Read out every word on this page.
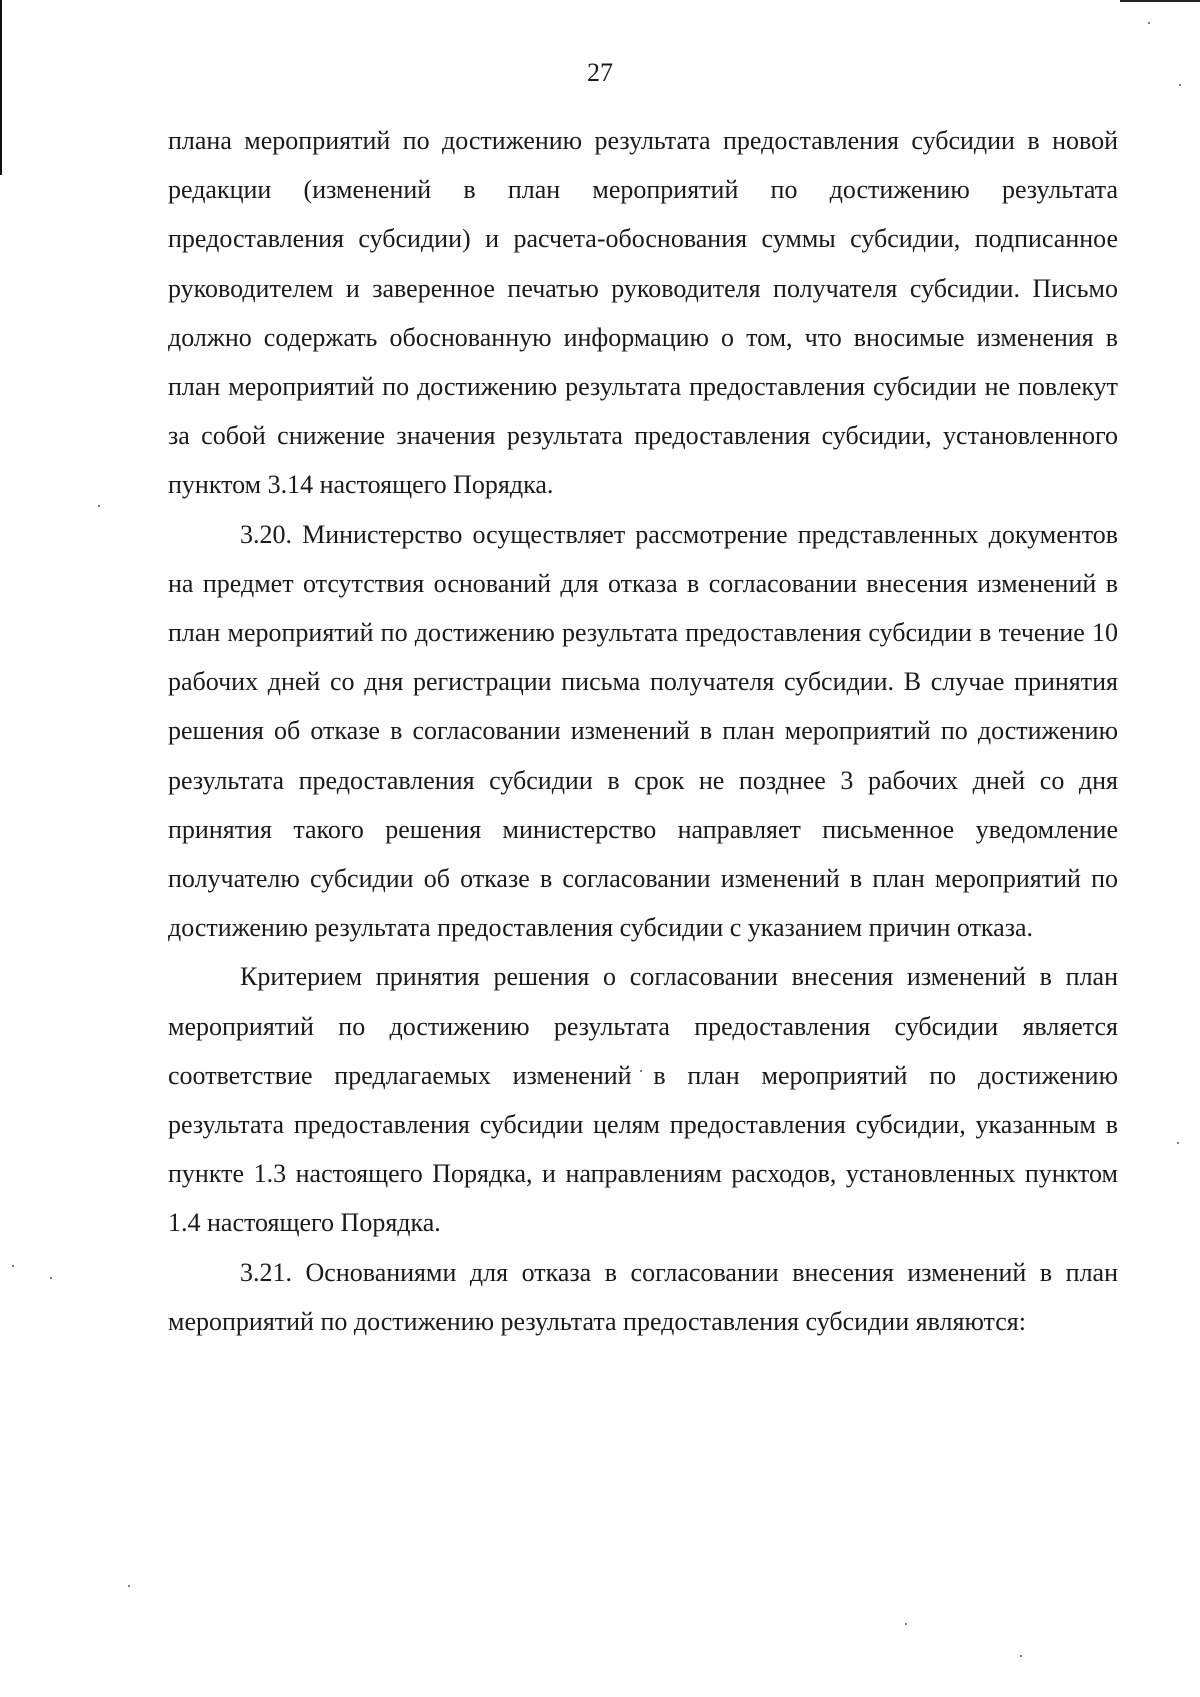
27

плана мероприятий по достижению результата предоставления субсидии в новой редакции (изменений в план мероприятий по достижению результата предоставления субсидии) и расчета-обоснования суммы субсидии, подписанное руководителем и заверенное печатью руководителя получателя субсидии. Письмо должно содержать обоснованную информацию о том, что вносимые изменения в план мероприятий по достижению результата предоставления субсидии не повлекут за собой снижение значения результата предоставления субсидии, установленного пунктом 3.14 настоящего Порядка.

3.20. Министерство осуществляет рассмотрение представленных документов на предмет отсутствия оснований для отказа в согласовании внесения изменений в план мероприятий по достижению результата предоставления субсидии в течение 10 рабочих дней со дня регистрации письма получателя субсидии. В случае принятия решения об отказе в согласовании изменений в план мероприятий по достижению результата предоставления субсидии в срок не позднее 3 рабочих дней со дня принятия такого решения министерство направляет письменное уведомление получателю субсидии об отказе в согласовании изменений в план мероприятий по достижению результата предоставления субсидии с указанием причин отказа.

Критерием принятия решения о согласовании внесения изменений в план мероприятий по достижению результата предоставления субсидии является соответствие предлагаемых изменений в план мероприятий по достижению результата предоставления субсидии целям предоставления субсидии, указанным в пункте 1.3 настоящего Порядка, и направлениям расходов, установленных пунктом 1.4 настоящего Порядка.

3.21. Основаниями для отказа в согласовании внесения изменений в план мероприятий по достижению результата предоставления субсидии являются:
